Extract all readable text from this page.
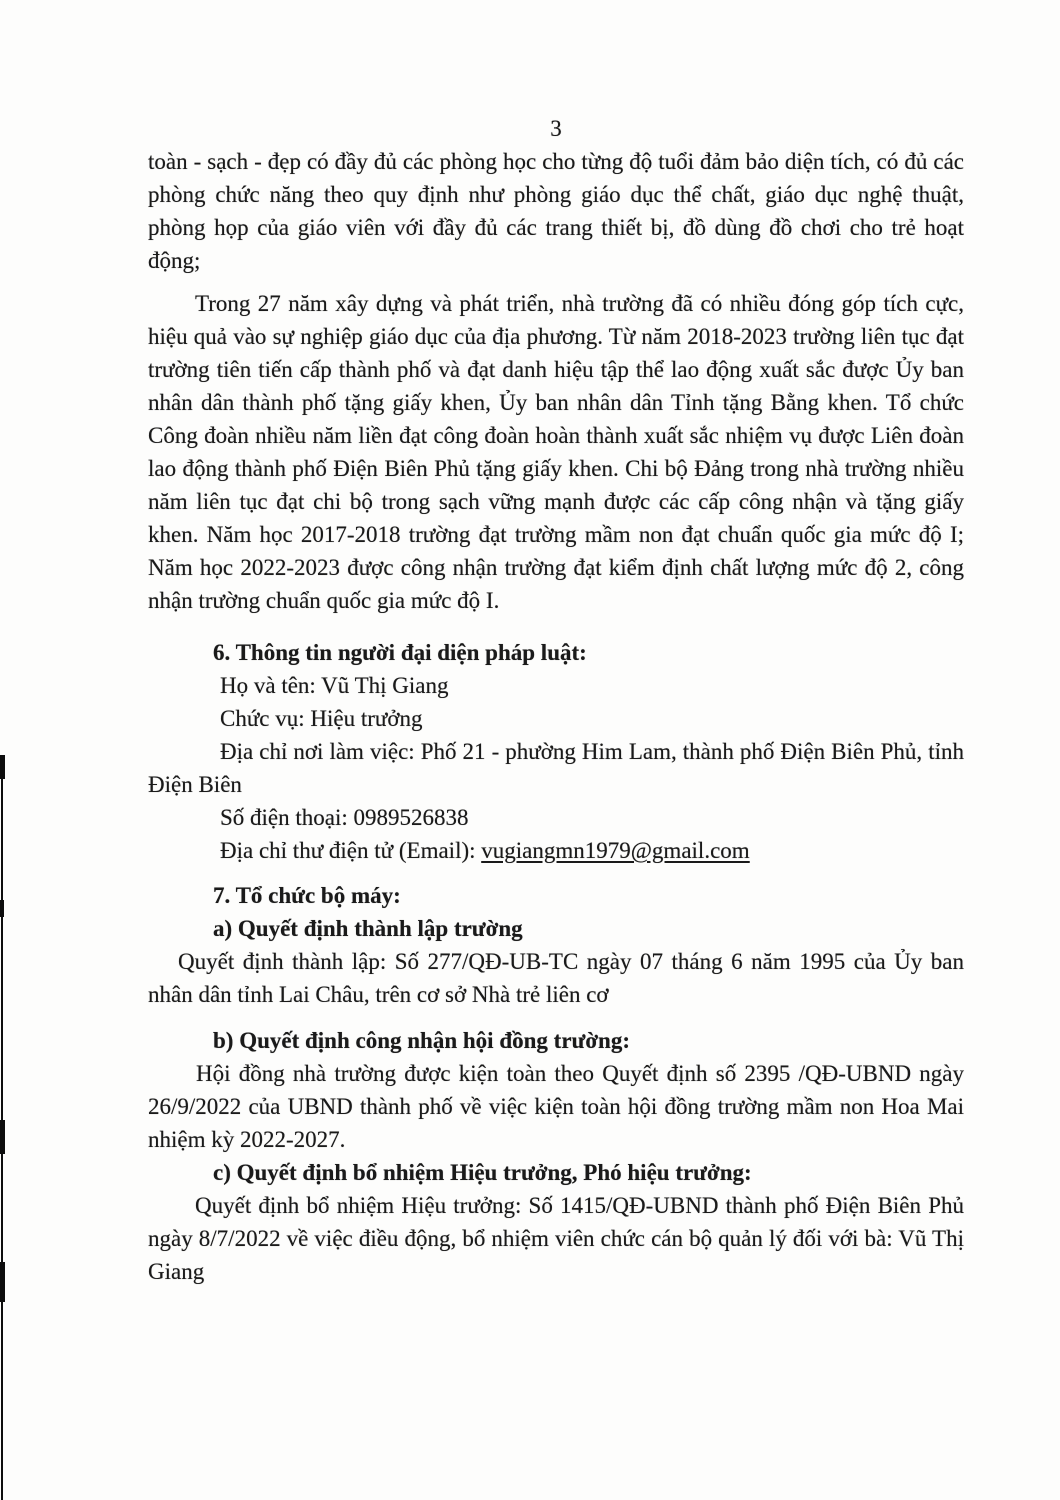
3

toàn - sạch - đẹp có đầy đủ các phòng học cho từng độ tuổi đảm bảo diện tích, có đủ các phòng chức năng theo quy định như phòng giáo dục thể chất, giáo dục nghệ thuật, phòng họp của giáo viên với đầy đủ các trang thiết bị, đồ dùng đồ chơi cho trẻ hoạt động;

Trong 27 năm xây dựng và phát triển, nhà trường đã có nhiều đóng góp tích cực, hiệu quả vào sự nghiệp giáo dục của địa phương. Từ năm 2018-2023 trường liên tục đạt trường tiên tiến cấp thành phố và đạt danh hiệu tập thể lao động xuất sắc được Ủy ban nhân dân thành phố tặng giấy khen, Ủy ban nhân dân Tỉnh tặng Bằng khen. Tổ chức Công đoàn nhiều năm liền đạt công đoàn hoàn thành xuất sắc nhiệm vụ được Liên đoàn lao động thành phố Điện Biên Phủ tặng giấy khen. Chi bộ Đảng trong nhà trường nhiều năm liên tục đạt chi bộ trong sạch vững mạnh được các cấp công nhận và tặng giấy khen. Năm học 2017-2018 trường đạt trường mầm non đạt chuẩn quốc gia mức độ I; Năm học 2022-2023 được công nhận trường đạt kiểm định chất lượng mức độ 2, công nhận trường chuẩn quốc gia mức độ I.

6. Thông tin người đại diện pháp luật:

Họ và tên: Vũ Thị Giang

Chức vụ: Hiệu trưởng

Địa chỉ nơi làm việc: Phố 21 - phường Him Lam, thành phố Điện Biên Phủ, tỉnh Điện Biên

Số điện thoại: 0989526838

Địa chỉ thư điện tử (Email): vugiangmn1979@gmail.com

7. Tổ chức bộ máy:

a) Quyết định thành lập trường

Quyết định thành lập: Số 277/QĐ-UB-TC ngày 07 tháng 6 năm 1995 của Ủy ban nhân dân tỉnh Lai Châu, trên cơ sở Nhà trẻ liên cơ

b) Quyết định công nhận hội đồng trường:

Hội đồng nhà trường được kiện toàn theo Quyết định số 2395 /QĐ-UBND ngày 26/9/2022 của UBND thành phố về việc kiện toàn hội đồng trường mầm non Hoa Mai nhiệm kỳ 2022-2027.

c) Quyết định bổ nhiệm Hiệu trưởng, Phó hiệu trưởng:

Quyết định bổ nhiệm Hiệu trưởng: Số 1415/QĐ-UBND thành phố Điện Biên Phủ ngày 8/7/2022 về việc điều động, bổ nhiệm viên chức cán bộ quản lý đối với bà: Vũ Thị Giang
